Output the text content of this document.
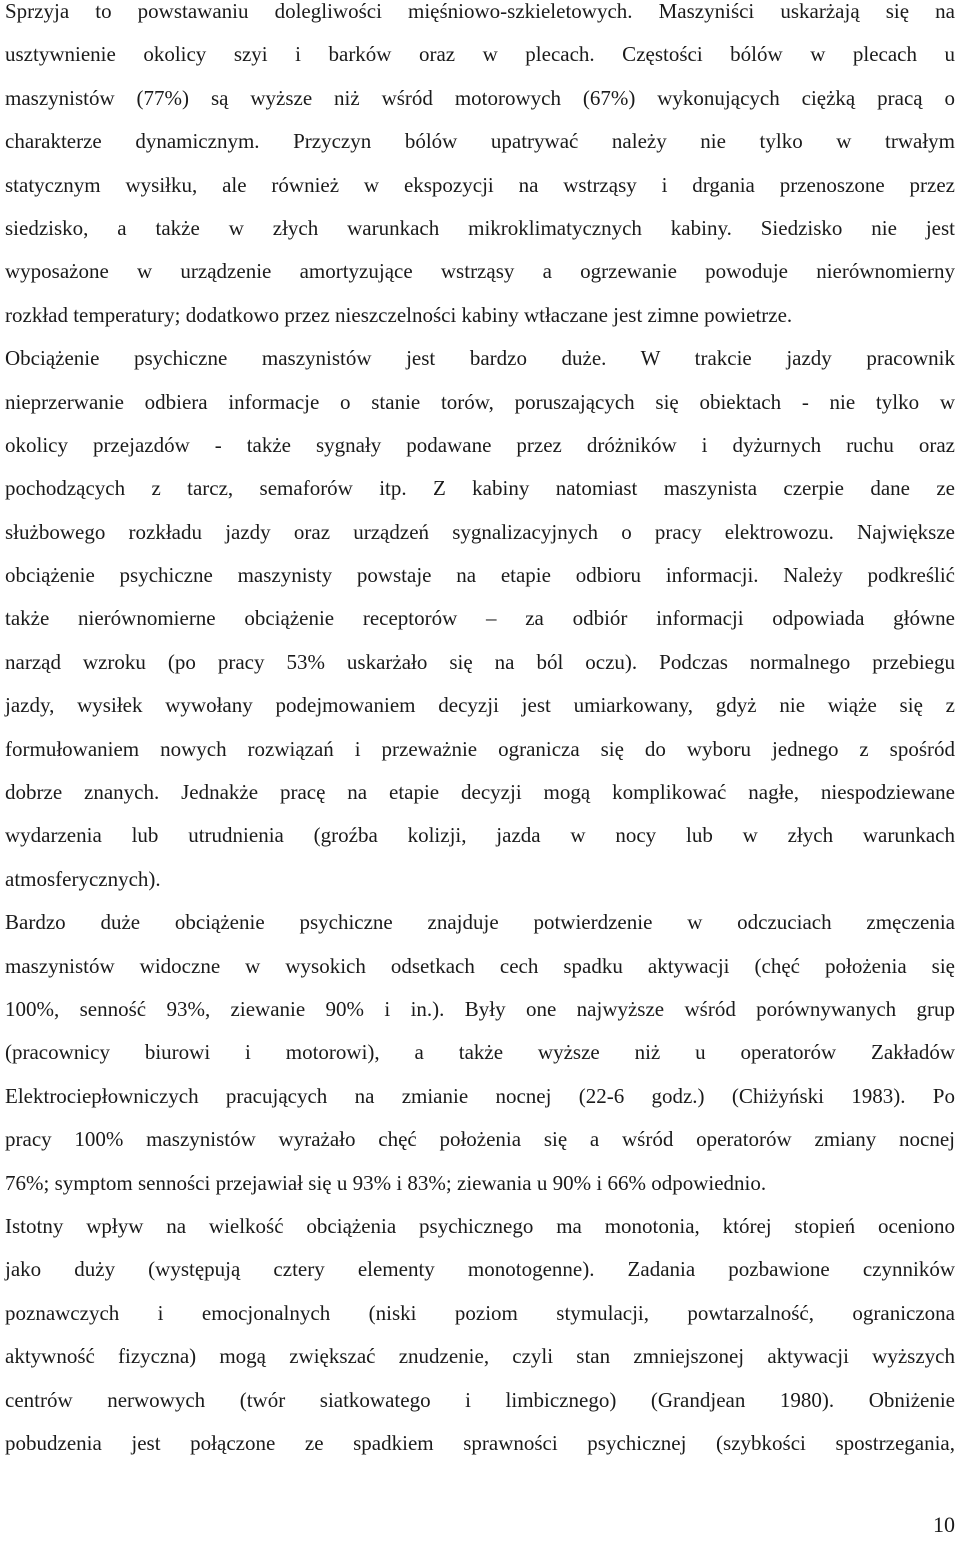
Sprzyja to powstawaniu dolegliwości mięśniowo-szkieletowych. Maszyniści uskarżają się na
usztywnienie okolicy szyi i barków oraz w plecach. Częstości bólów w plecach u
maszynistów (77%) są wyższe niż wśród motorowych (67%) wykonujących ciężką pracą o
charakterze dynamicznym. Przyczyn bólów upatrywać należy nie tylko w trwałym
statycznym wysiłku, ale również w ekspozycji na wstrząsy i drgania przenoszone przez
siedzisko, a także w złych warunkach mikroklimatycznych kabiny. Siedzisko nie jest
wyposażone w urządzenie amortyzujące wstrząsy a ogrzewanie powoduje nierównomierny
rozkład temperatury; dodatkowo przez nieszczelności kabiny wtłaczane jest zimne powietrze.
Obciążenie psychiczne maszynistów jest bardzo duże. W trakcie jazdy pracownik
nieprzerwanie odbiera informacje o stanie torów, poruszających się obiektach - nie tylko w
okolicy przejazdów - także sygnały podawane przez dróżników i dyżurnych ruchu oraz
pochodzących z tarcz, semaforów itp. Z kabiny natomiast maszynista czerpie dane ze
służbowego rozkładu jazdy oraz urządzeń sygnalizacyjnych o pracy elektrowozu. Największe
obciążenie psychiczne maszynisty powstaje na etapie odbioru informacji. Należy podkreślić
także nierównomierne obciążenie receptorów – za odbiór informacji odpowiada główne
narząd wzroku (po pracy 53% uskarżało się na ból oczu). Podczas normalnego przebiegu
jazdy, wysiłek wywołany podejmowaniem decyzji jest umiarkowany, gdyż nie wiąże się z
formułowaniem nowych rozwiązań i przeważnie ogranicza się do wyboru jednego z spośród
dobrze znanych. Jednakże pracę na etapie decyzji mogą komplikować nagłe, niespodziewane
wydarzenia lub utrudnienia (groźba kolizji, jazda w nocy lub w złych warunkach
atmosferycznych).
Bardzo duże obciążenie psychiczne znajduje potwierdzenie w odczuciach zmęczenia
maszynistów widoczne w wysokich odsetkach cech spadku aktywacji (chęć położenia się
100%, senność 93%, ziewanie 90% i in.). Były one najwyższe wśród porównywanych grup
(pracownicy biurowi i motorowi), a także wyższe niż u operatorów Zakładów
Elektrociepłowniczych pracujących na zmianie nocnej (22-6 godz.) (Chiżyński 1983). Po
pracy 100% maszynistów wyrażało chęć położenia się a wśród operatorów zmiany nocnej
76%; symptom senności przejawiał się u 93% i 83%; ziewania u 90% i 66% odpowiednio.
Istotny wpływ na wielkość obciążenia psychicznego ma monotonia, której stopień oceniono
jako duży (występują cztery elementy monotogenne). Zadania pozbawione czynników
poznawczych i emocjonalnych (niski poziom stymulacji, powtarzalność, ograniczona
aktywność fizyczna) mogą zwiększać znudzenie, czyli stan zmniejszonej aktywacji wyższych
centrów nerwowych (twór siatkowatego i limbicznego) (Grandjean 1980). Obniżenie
pobudzenia jest połączone ze spadkiem sprawności psychicznej (szybkości spostrzegania,
10
